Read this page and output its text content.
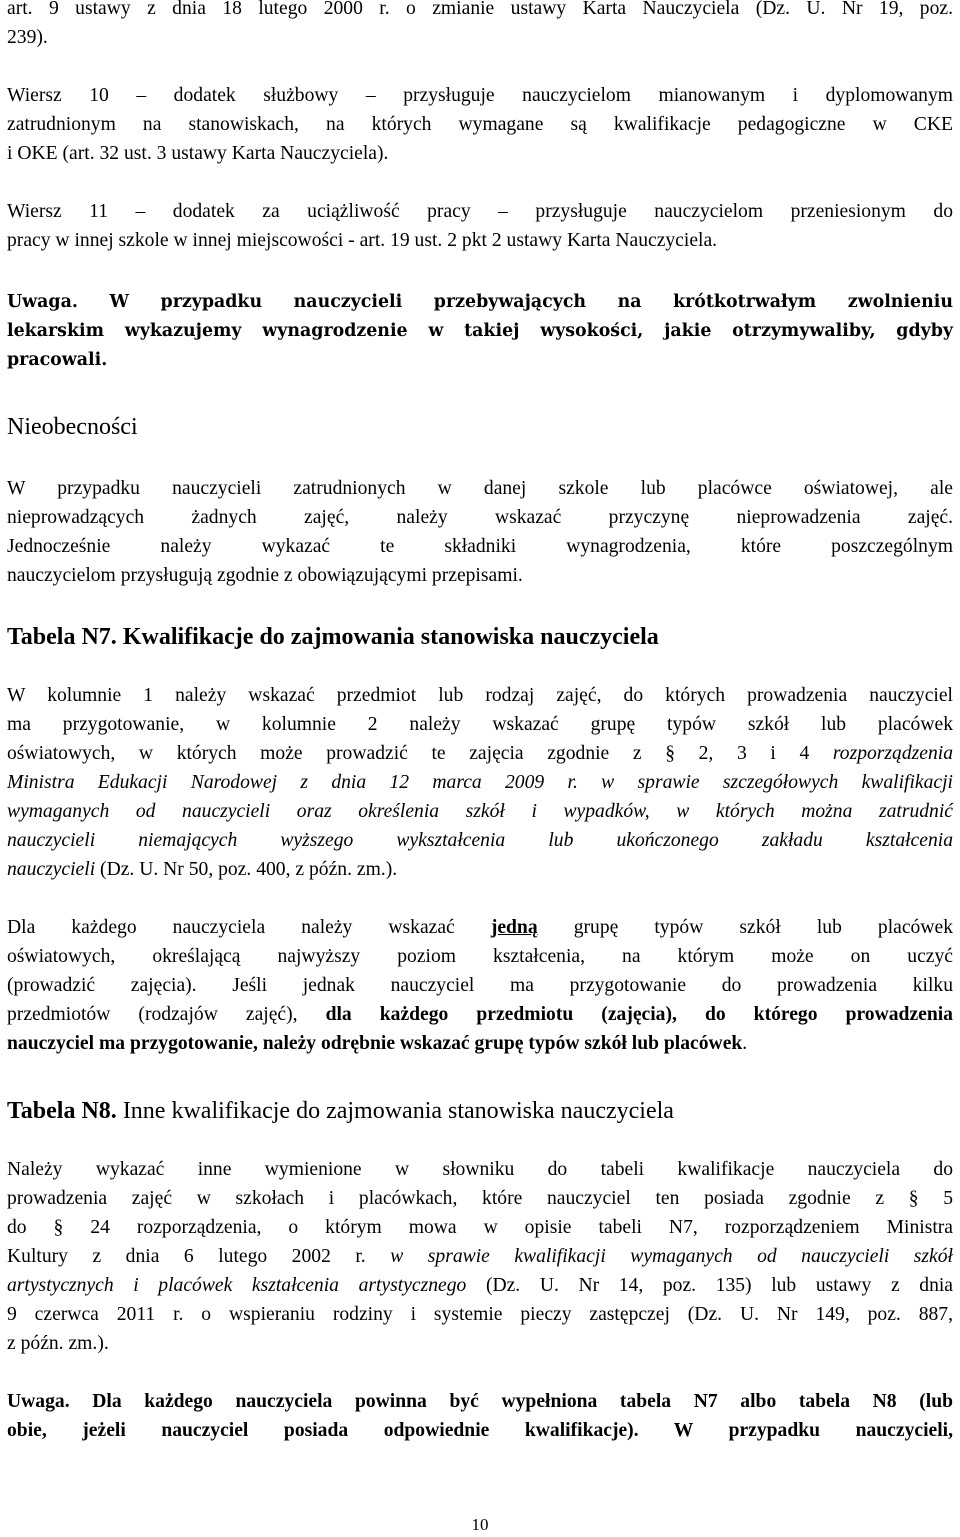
art. 9 ustawy z dnia 18 lutego 2000 r. o zmianie ustawy Karta Nauczyciela (Dz. U. Nr 19, poz.
239).
Wiersz 10 – dodatek służbowy – przysługuje nauczycielom mianowanym i dyplomowanym
zatrudnionym na stanowiskach, na których wymagane są kwalifikacje pedagogiczne w CKE
i OKE (art. 32 ust. 3 ustawy Karta Nauczyciela).
Wiersz 11 – dodatek za uciążliwość pracy – przysługuje nauczycielom przeniesionym do
pracy w innej szkole w innej miejscowości - art. 19 ust. 2 pkt 2 ustawy Karta Nauczyciela.
Uwaga. W przypadku nauczycieli przebywających na krótkotrwałym zwolnieniu
lekarskim wykazujemy wynagrodzenie w takiej wysokości, jakie otrzymywaliby, gdyby
pracowali.
Nieobecności
W przypadku nauczycieli zatrudnionych w danej szkole lub placówce oświatowej, ale
nieprowadzących żadnych zajęć, należy wskazać przyczynę nieprowadzenia zajęć.
Jednocześnie należy wykazać te składniki wynagrodzenia, które poszczególnym
nauczycielom przysługują zgodnie z obowiązującymi przepisami.
Tabela N7. Kwalifikacje do zajmowania stanowiska nauczyciela
W kolumnie 1 należy wskazać przedmiot lub rodzaj zajęć, do których prowadzenia nauczyciel
ma przygotowanie, w kolumnie 2 należy wskazać grupę typów szkół lub placówek
oświatowych, w których może prowadzić te zajęcia zgodnie z § 2, 3 i 4 rozporządzenia
Ministra Edukacji Narodowej z dnia 12 marca 2009 r. w sprawie szczegółowych kwalifikacji
wymaganych od nauczycieli oraz określenia szkół i wypadków, w których można zatrudnić
nauczycieli niemających wyższego wykształcenia lub ukończonego zakładu kształcenia
nauczycieli (Dz. U. Nr 50, poz. 400, z późn. zm.).
Dla każdego nauczyciela należy wskazać jedną grupę typów szkół lub placówek
oświatowych, określającą najwyższy poziom kształcenia, na którym może on uczyć
(prowadzić zajęcia). Jeśli jednak nauczyciel ma przygotowanie do prowadzenia kilku
przedmiotów (rodzajów zajęć), dla każdego przedmiotu (zajęcia), do którego prowadzenia
nauczyciel ma przygotowanie, należy odrębnie wskazać grupę typów szkół lub placówek.
Tabela N8. Inne kwalifikacje do zajmowania stanowiska nauczyciela
Należy wykazać inne wymienione w słowniku do tabeli kwalifikacje nauczyciela do
prowadzenia zajęć w szkołach i placówkach, które nauczyciel ten posiada zgodnie z § 5
do § 24 rozporządzenia, o którym mowa w opisie tabeli N7, rozporządzeniem Ministra
Kultury z dnia 6 lutego 2002 r. w sprawie kwalifikacji wymaganych od nauczycieli szkół
artystycznych i placówek kształcenia artystycznego (Dz. U. Nr 14, poz. 135) lub ustawy z dnia
9 czerwca 2011 r. o wspieraniu rodziny i systemie pieczy zastępczej (Dz. U. Nr 149, poz. 887,
z późn. zm.).
Uwaga. Dla każdego nauczyciela powinna być wypełniona tabela N7 albo tabela N8 (lub
obie, jeżeli nauczyciel posiada odpowiednie kwalifikacje). W przypadku nauczycieli,
10
